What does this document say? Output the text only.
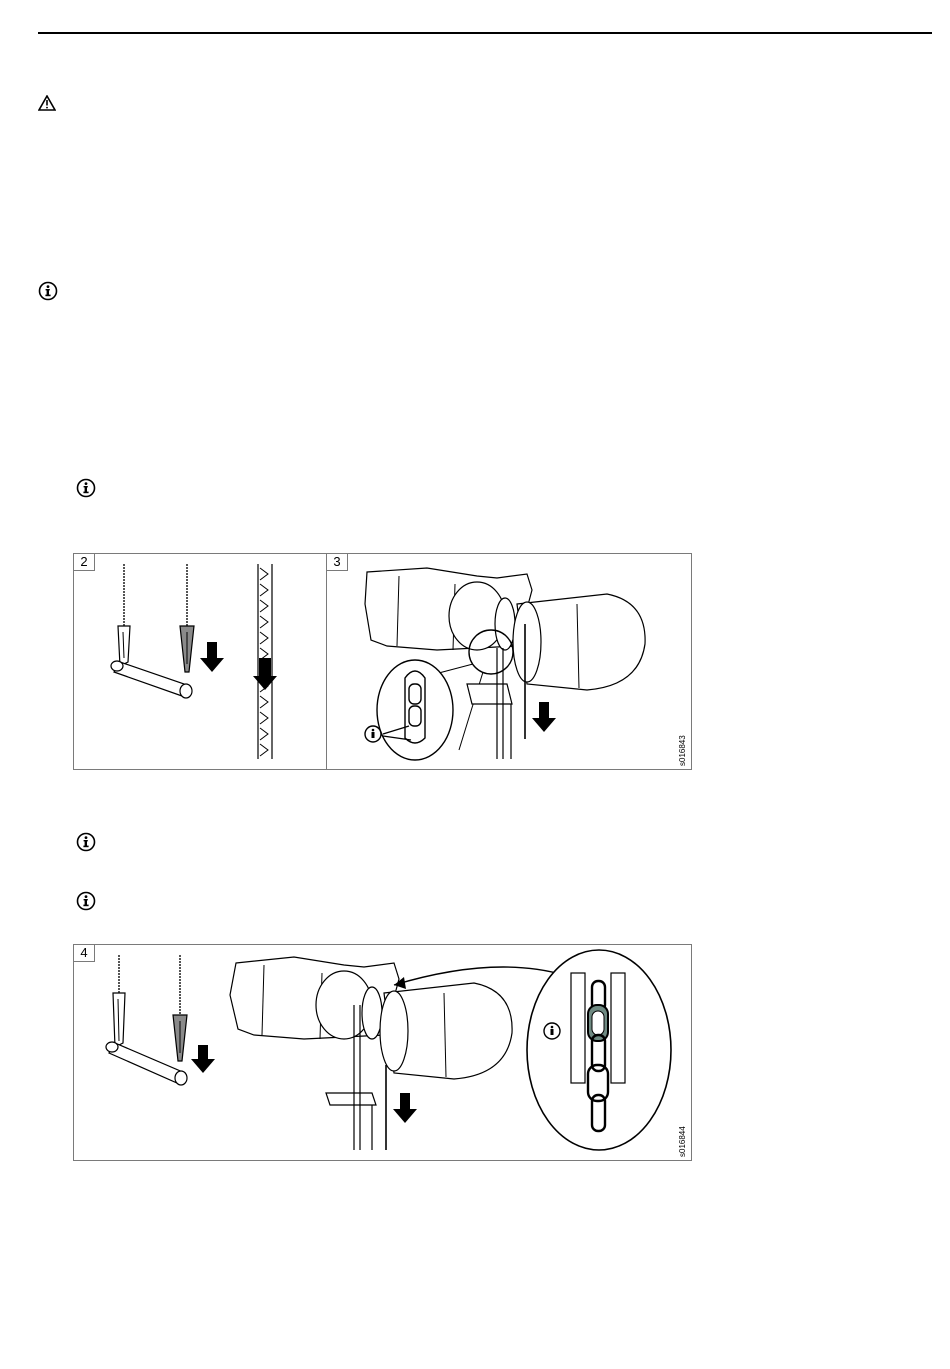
2	3
s016843
4
s016844
